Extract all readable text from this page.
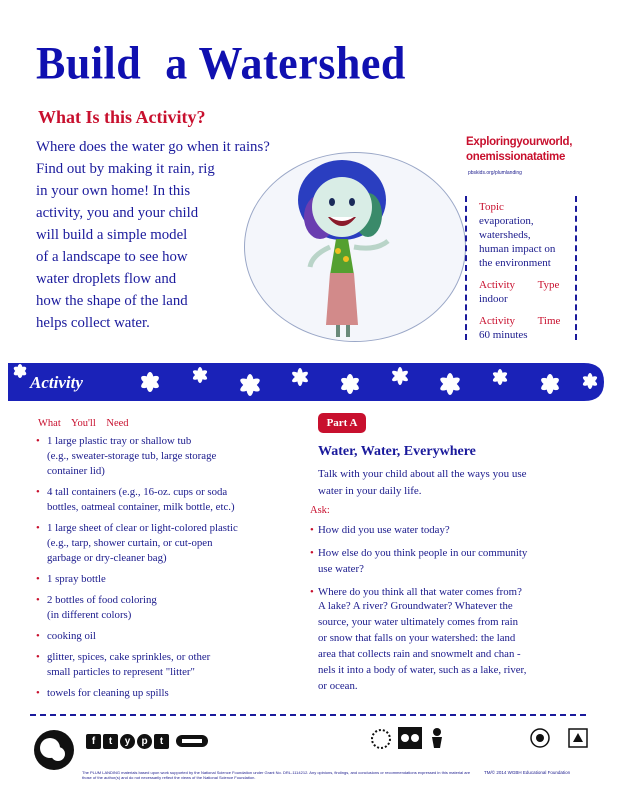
Build a Watershed
What Is this Activity?
Where does the water go when it rains?
Find out by making it rain, rig
in your own home! In this
activity, you and your child
will build a simple model
of a landscape to see how
water droplets flow and
how the shape of the land
helps collect water.
Exploringyourworld,
onemissionatatime
pbskids.org/plumlanding
Topic
evaporation,
watersheds,
human impact on
the environment
Activity Type
indoor
Activity Time
60 minutes
Activity
What You'll Need
• 1 large plastic tray or shallow tub
(e.g., sweater-storage tub, large storage
container lid)
• 4 tall containers (e.g., 16-oz. cups or soda
bottles, oatmeal container, milk bottle, etc.)
• 1 large sheet of clear or light-colored plastic
(e.g., tarp, shower curtain, or cut-open
garbage or dry-cleaner bag)
• 1 spray bottle
• 2 bottles of food coloring
(in different colors)
• cooking oil
• glitter, spices, cake sprinkles, or other
small particles to represent "litter"
• towels for cleaning up spills
Part A
Water, Water, Everywhere
Talk with your child about all the ways you use
water in your daily life.
Ask:
• How did you use water today?
• How else do you think people in our community
use water?
• Where do you think all that water comes from?
A lake? A river? Groundwater? Whatever the
source, your water ultimately comes from rain
or snow that falls on your watershed: the land
area that collects rain and snowmelt and chan -
nels it into a body of water, such as a lake, river,
or ocean.
f	t	y	p	t
The PLUM LANDING materials based upon work supported by the National Science Foundation under Grant No. DRL-1114212. Any opinions, findings, and conclusions or recommendations expressed in this material are those of the author(s) and do not necessarily reflect the views of the National Science Foundation.
TM/© 2014 WGBH Educational Foundation
